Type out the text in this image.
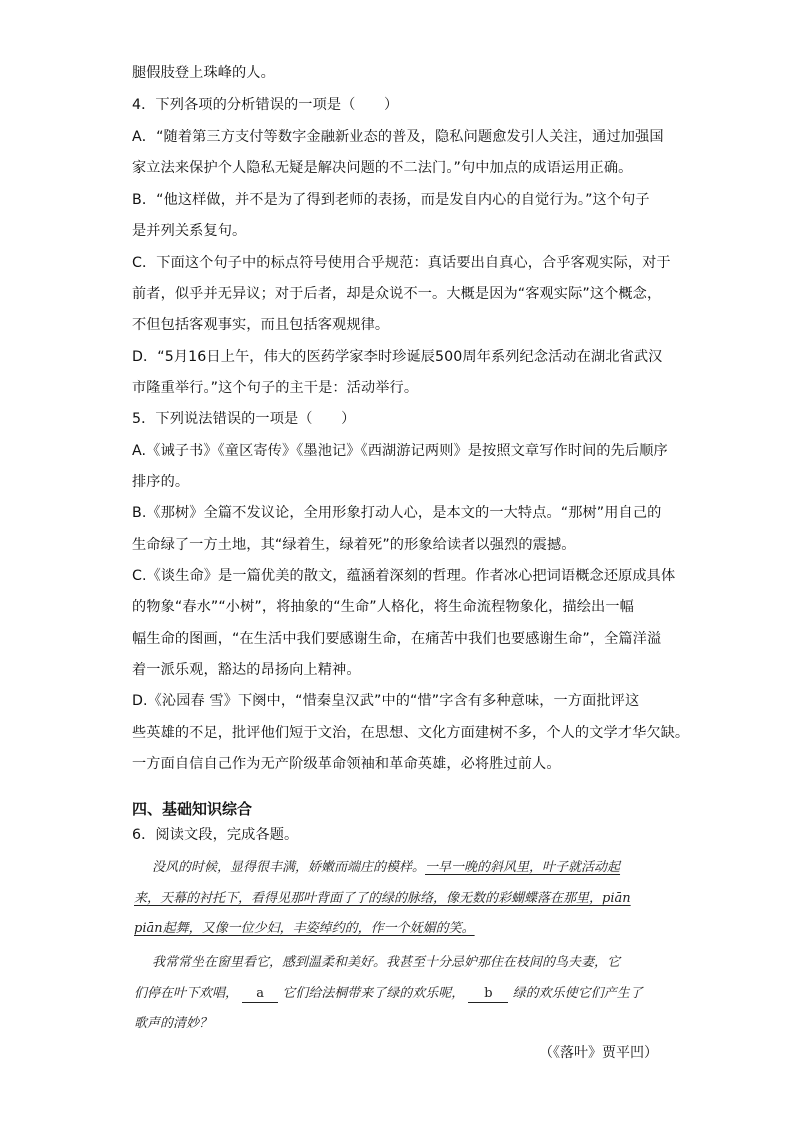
腿假肢登上珠峰的人。
4．下列各项的分析错误的一项是（　　）
A．“随着第三方支付等数字金融新业态的普及，隐私问题愈发引人关注，通过加强国
家立法来保护个人隐私无疑是解决问题的不二法门。”句中加点的成语运用正确。
B．“他这样做，并不是为了得到老师的表扬，而是发自内心的自觉行为。”这个句子
是并列关系复句。
C．下面这个句子中的标点符号使用合乎规范：真话要出自真心，合乎客观实际，对于
前者，似乎并无异议；对于后者，却是众说不一。大概是因为“客观实际”这个概念，
不但包括客观事实，而且包括客观规律。
D．“5月16日上午，伟大的医药学家李时珍诞辰500周年系列纪念活动在湖北省武汉
市隆重举行。”这个句子的主干是：活动举行。
5．下列说法错误的一项是（　　）
A.《诫子书》《童区寄传》《墨池记》《西湖游记两则》是按照文章写作时间的先后顺序
排序的。
B.《那树》全篇不发议论，全用形象打动人心，是本文的一大特点。“那树”用自己的
生命绿了一方土地，其“绿着生，绿着死”的形象给读者以强烈的震撼。
C.《谈生命》是一篇优美的散文，蕴涵着深刻的哲理。作者冰心把词语概念还原成具体
的物象“春水”“小树”，将抽象的“生命”人格化，将生命流程物象化，描绘出一幅
幅生命的图画，“在生活中我们要感谢生命，在痛苦中我们也要感谢生命”，全篇洋溢
着一派乐观，豁达的昂扬向上精神。
D.《沁园春 雪》下阕中，“惜秦皇汉武”中的“惜”字含有多种意味，一方面批评这
些英雄的不足，批评他们短于文治，在思想、文化方面建树不多，个人的文学才华欠缺。
一方面自信自己作为无产阶级革命领袖和革命英雄，必将胜过前人。
四、基础知识综合
6．阅读文段，完成各题。
没风的时候，显得很丰满，娇嫩而端庄的模样。一早一晚的斜风里，叶子就活动起
来，天幕的衬托下，看得见那叶背面了了的绿的脉络，像无数的彩蝴蝶落在那里，piān
piān起舞，又像一位少妇，丰姿绰约的，作一个妩媚的笑。
我常常坐在窗里看它，感到温柔和美好。我甚至十分忌妒那住在枝间的鸟夫妻，它
们停在叶下欢唱， a 它们给法桐带来了绿的欢乐呢， b 绿的欢乐使它们产生了
歌声的清妙？
（《落叶》贾平凹）
